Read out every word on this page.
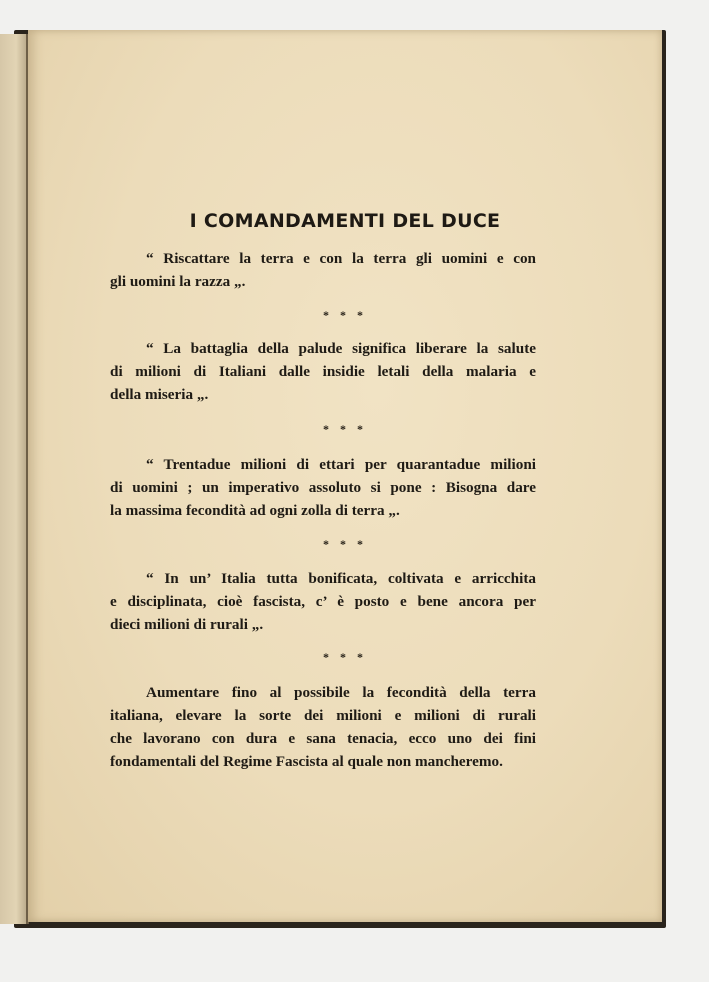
I COMANDAMENTI DEL DUCE

“ Riscattare la terra e con la terra gli uomini e con
gli uomini la razza „.

* * *

“ La battaglia della palude significa liberare la salute
di milioni di Italiani dalle insidie letali della malaria e
della miseria „.

* * *

“ Trentadue milioni di ettari per quarantadue milioni
di uomini ; un imperativo assoluto si pone : Bisogna dare
la massima fecondità ad ogni zolla di terra „.

* * *

“ In un’ Italia tutta bonificata, coltivata e arricchita
e disciplinata, cioè fascista, c’ è posto e bene ancora per
dieci milioni di rurali „.

* * *

Aumentare fino al possibile la fecondità della terra
italiana, elevare la sorte dei milioni e milioni di rurali
che lavorano con dura e sana tenacia, ecco uno dei fini
fondamentali del Regime Fascista al quale non mancheremo.
